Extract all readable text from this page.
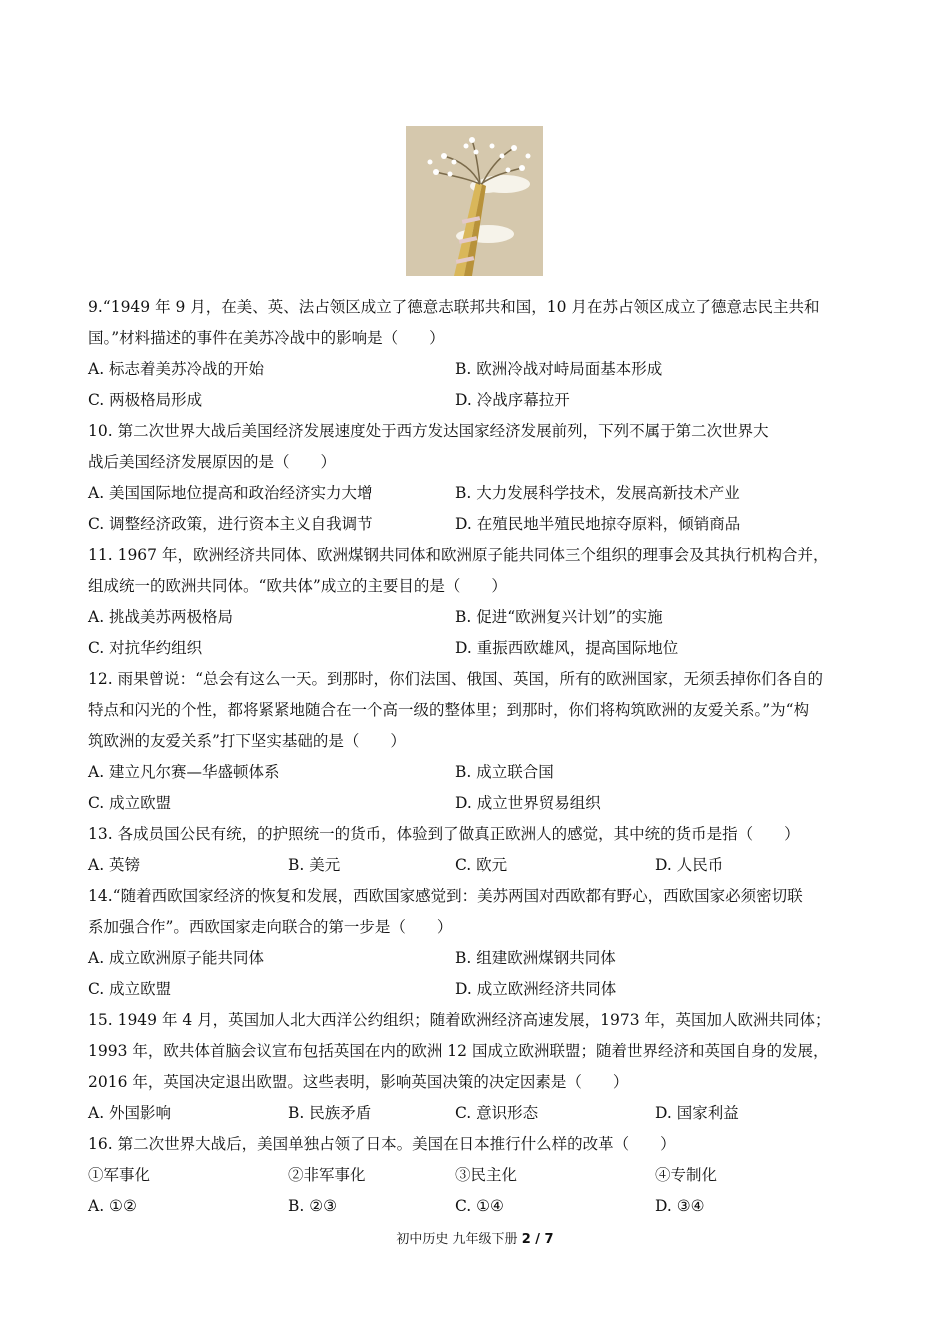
9.“1949 年 9 月，在美、英、法占领区成立了德意志联邦共和国，10 月在苏占领区成立了德意志民主共和
国。”材料描述的事件在美苏冷战中的影响是（　　）
A. 标志着美苏冷战的开始	B. 欧洲冷战对峙局面基本形成
C. 两极格局形成	D. 冷战序幕拉开
10. 第二次世界大战后美国经济发展速度处于西方发达国家经济发展前列，下列不属于第二次世界大
战后美国经济发展原因的是（　　）
A. 美国国际地位提高和政治经济实力大增	B. 大力发展科学技术，发展高新技术产业
C. 调整经济政策，进行资本主义自我调节	D. 在殖民地半殖民地掠夺原料，倾销商品
11. 1967 年，欧洲经济共同体、欧洲煤钢共同体和欧洲原子能共同体三个组织的理事会及其执行机构合并，
组成统一的欧洲共同体。“欧共体”成立的主要目的是（　　）
A. 挑战美苏两极格局	B. 促进“欧洲复兴计划”的实施
C. 对抗华约组织	D. 重振西欧雄风，提高国际地位
12. 雨果曾说：“总会有这么一天。到那时，你们法国、俄国、英国，所有的欧洲国家，无须丢掉你们各自的
特点和闪光的个性，都将紧紧地随合在一个高一级的整体里；到那时，你们将构筑欧洲的友爱关系。”为“构
筑欧洲的友爱关系”打下坚实基础的是（　　）
A. 建立凡尔赛—华盛顿体系	B. 成立联合国
C. 成立欧盟	D. 成立世界贸易组织
13. 各成员国公民有统，的护照统一的货币，体验到了做真正欧洲人的感觉，其中统的货币是指（　　）
A. 英镑	B. 美元	C. 欧元	D. 人民币
14.“随着西欧国家经济的恢复和发展，西欧国家感觉到：美苏两国对西欧都有野心，西欧国家必须密切联
系加强合作”。西欧国家走向联合的第一步是（　　）
A. 成立欧洲原子能共同体	B. 组建欧洲煤钢共同体
C. 成立欧盟	D. 成立欧洲经济共同体
15. 1949 年 4 月，英国加人北大西洋公约组织；随着欧洲经济高速发展，1973 年，英国加人欧洲共同体；
1993 年，欧共体首脑会议宣布包括英国在内的欧洲 12 国成立欧洲联盟；随着世界经济和英国自身的发展，
2016 年，英国决定退出欧盟。这些表明，影响英国决策的决定因素是（　　）
A. 外国影响	B. 民族矛盾	C. 意识形态	D. 国家利益
16. 第二次世界大战后，美国单独占领了日本。美国在日本推行什么样的改革（　　）
①军事化	②非军事化	③民主化	④专制化
A. ①②	B. ②③	C. ①④	D. ③④
初中历史 九年级下册 2 / 7
